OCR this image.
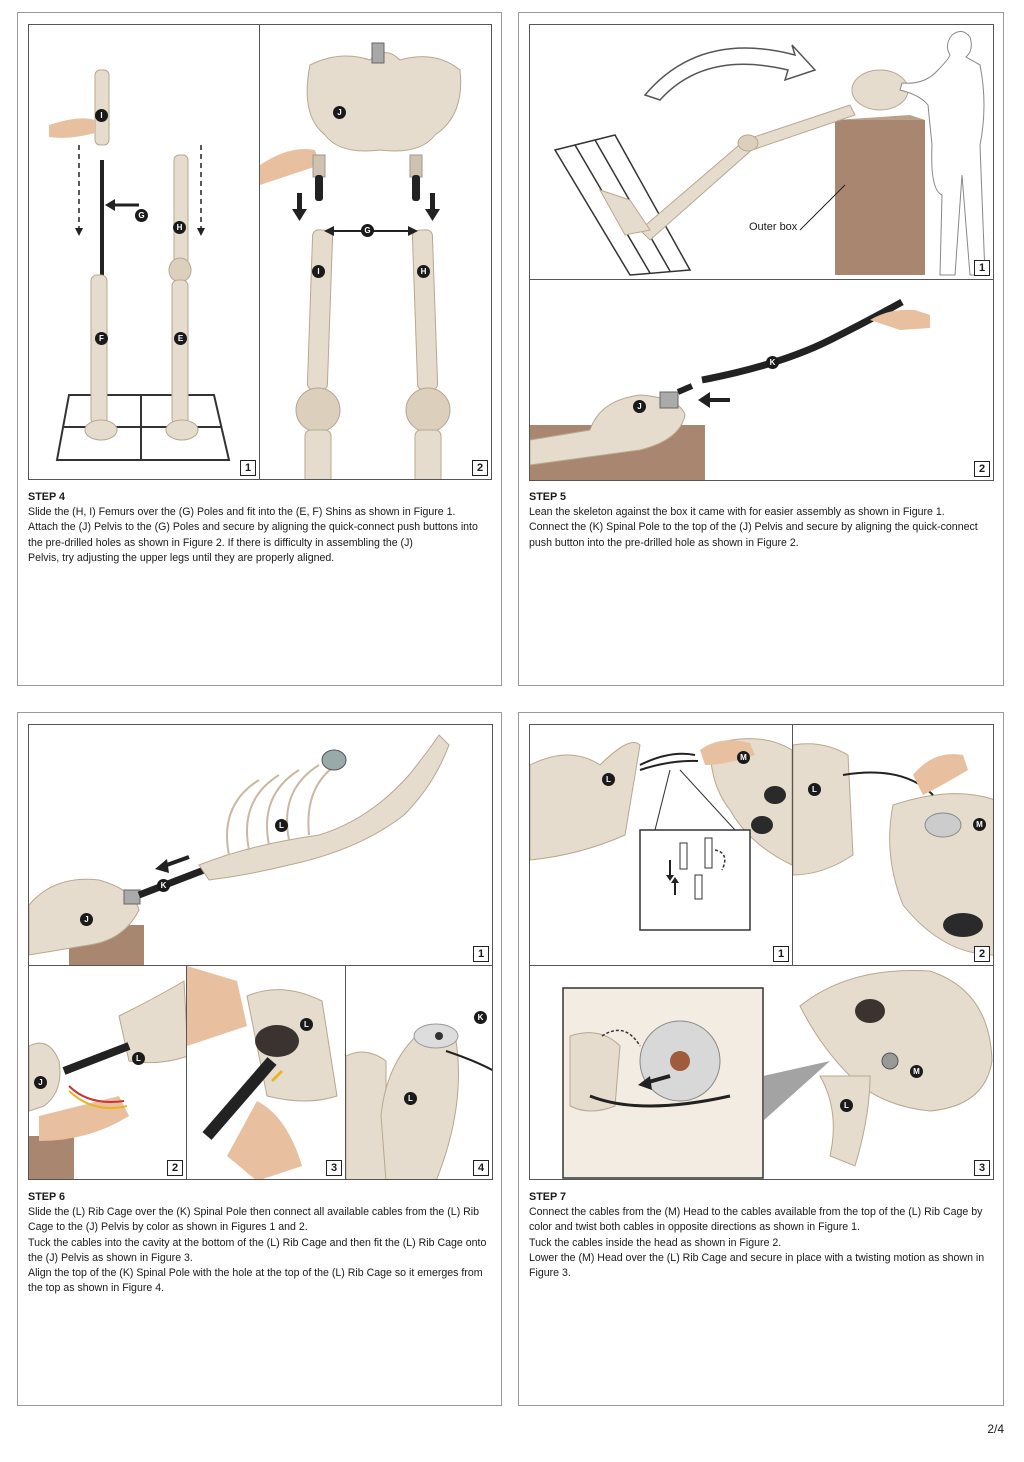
I
G
H
F
E
1
J
G
I
H	2
STEP 4

Slide the (H, I) Femurs over the (G) Poles and fit into the (E, F) Shins as shown in Figure 1.

Attach the (J) Pelvis to the (G) Poles and secure by aligning the quick-connect push buttons into the pre-drilled holes as shown in Figure 2. If there is difficulty in assembling the (J)

Pelvis, try adjusting the upper legs until they are properly aligned.

Outer box
1
K
J
2
STEP 5

Lean the skeleton against the box it came with for easier assembly as shown in Figure 1.

Connect the (K) Spinal Pole to the top of the (J) Pelvis and secure by aligning the quick-connect push button into the pre-drilled hole as shown in Figure 2.

L
K
J
1
L
J
2
L	3
K
L	4
STEP 6

Slide the (L) Rib Cage over the (K) Spinal Pole then connect all available cables from the (L) Rib Cage to the (J) Pelvis by color as shown in Figures 1 and 2.

Tuck the cables into the cavity at the bottom of the (L) Rib Cage and then fit the (L) Rib Cage onto the (J) Pelvis as shown in Figure 3.

Align the top of the (K) Spinal Pole with the hole at the top of the (L) Rib Cage so it emerges from the top as shown in Figure 4.

L
M
1
L
M	2
M
L
3
STEP 7

Connect the cables from the (M) Head to the cables available from the top of the (L) Rib Cage by color and twist both cables in opposite directions as shown in Figure 1.

Tuck the cables inside the head as shown in Figure 2.

Lower the (M) Head over the (L) Rib Cage and secure in place with a twisting motion as shown in Figure 3.

2/4
